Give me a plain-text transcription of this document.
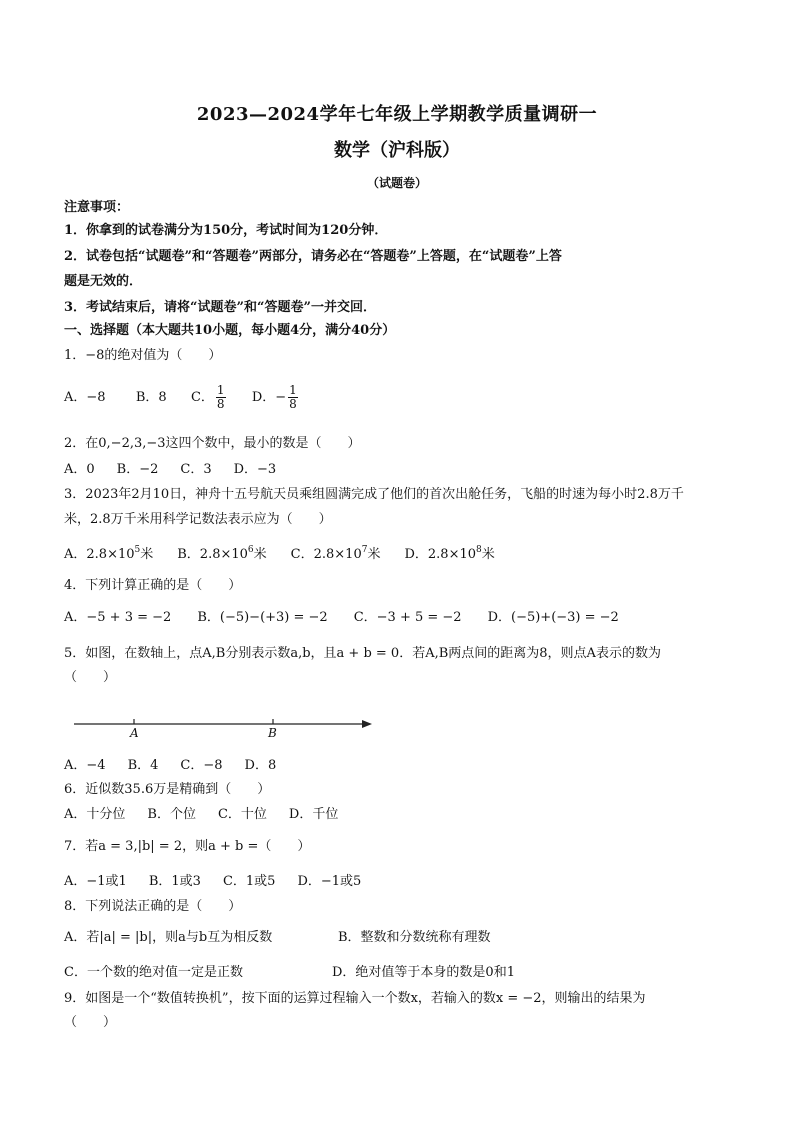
2023—2024学年七年级上学期教学质量调研一
数学（沪科版）
（试题卷）
注意事项：
1．你拿到的试卷满分为150分，考试时间为120分钟．
2．试卷包括“试题卷”和“答题卷”两部分，请务必在“答题卷”上答题，在“试题卷”上答
题是无效的．
3．考试结束后，请将“试题卷”和“答题卷”一并交回．
一、选择题（本大题共10小题，每小题4分，满分40分）
1．−8的绝对值为（　　）
A．−8 B．8 C． $\frac{1}{8}$ D．− $\frac{1}{8}$
2．在0,−2,3,−3这四个数中，最小的数是（　　）
A．0 B．−2 C．3 D．−3
3．2023年2月10日，神舟十五号航天员乘组圆满完成了他们的首次出舱任务，飞船的时速为每小时2.8万千
米，2.8万千米用科学记数法表示应为（　　）
A．$2.8\times 10^5$米 B．$2.8\times 10^6$米 C．$2.8\times 10^7$米 D．$2.8\times 10^8$米
4．下列计算正确的是（　　）
A．−5 + 3 = −2 B．(−5)−(+3) = −2 C．−3 + 5 = −2 D．(−5)+(−3) = −2
5．如图，在数轴上，点A,B分别表示数a,b，且a + b = 0．若A,B两点间的距离为8，则点A表示的数为
（　　）
A	B
A．−4 B．4 C．−8 D．8
6．近似数35.6万是精确到（　　）
A．十分位 B．个位 C．十位 D．千位
7．若a = 3,|b| = 2，则a + b =（　　）
A．−1或1 B．1或3 C．1或5 D．−1或5
8．下列说法正确的是（　　）
A．若|a| = |b|，则a与b互为相反数	B．整数和分数统称有理数
C．一个数的绝对值一定是正数	D．绝对值等于本身的数是0和1
9．如图是一个“数值转换机”，按下面的运算过程输入一个数x，若输入的数x = −2，则输出的结果为
（　　）
